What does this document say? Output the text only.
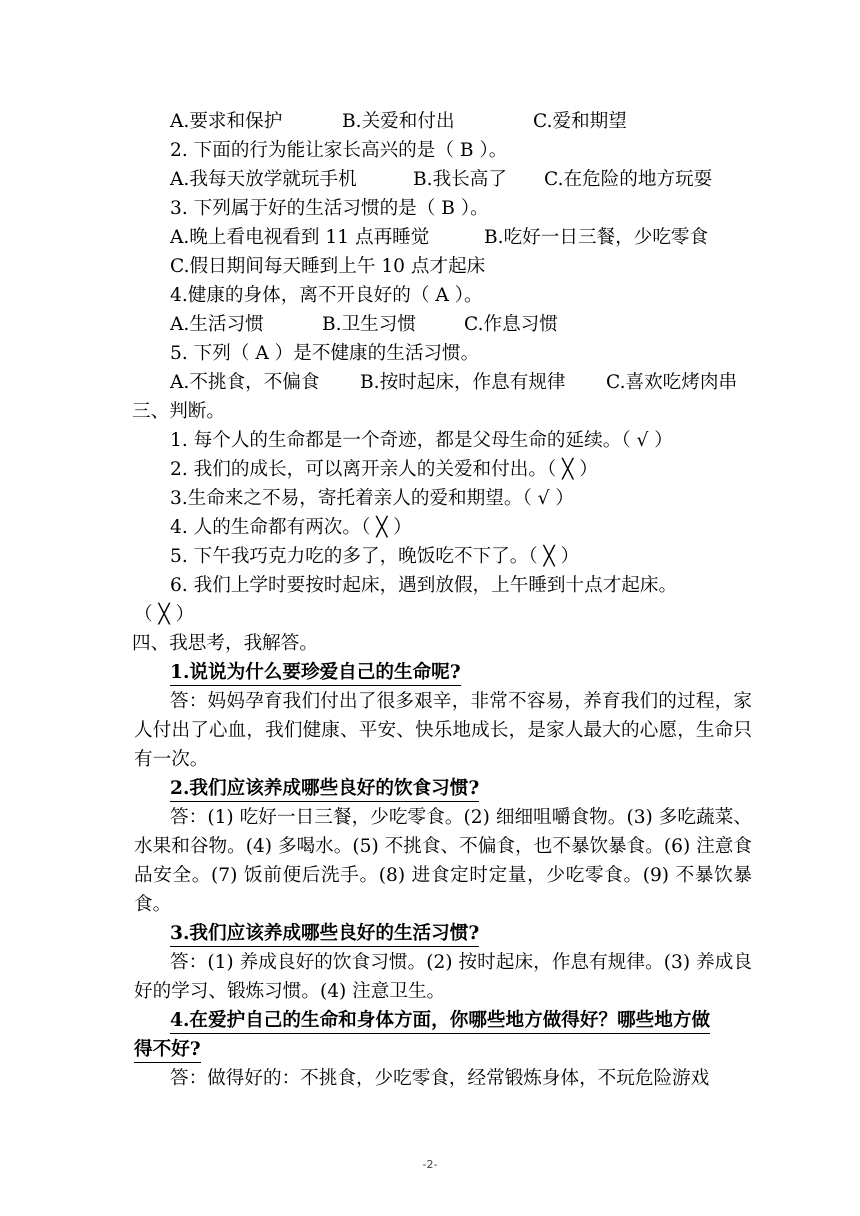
A.要求和保护	B.关爱和付出	C.爱和期望
2. 下面的行为能让家长高兴的是（ B ）。
A.我每天放学就玩手机	B.我长高了 C.在危险的地方玩耍
3. 下列属于好的生活习惯的是（ B ）。
A.晚上看电视看到 11 点再睡觉	B.吃好一日三餐，少吃零食
C.假日期间每天睡到上午 10 点才起床
4.健康的身体，离不开良好的（ A ）。
A.生活习惯	B.卫生习惯	C.作息习惯
5. 下列（ A ）是不健康的生活习惯。
A.不挑食，不偏食 B.按时起床，作息有规律 C.喜欢吃烤肉串
三、判断。
1. 每个人的生命都是一个奇迹，都是父母生命的延续。（ √ ）
2. 我们的成长，可以离开亲人的关爱和付出。（ ╳ ）
3.生命来之不易，寄托着亲人的爱和期望。（ √ ）
4. 人的生命都有两次。（ ╳ ）
5. 下午我巧克力吃的多了，晚饭吃不下了。（ ╳ ）
6. 我们上学时要按时起床，遇到放假，上午睡到十点才起床。
（ ╳ ）
四、我思考，我解答。
1.说说为什么要珍爱自己的生命呢?
答：妈妈孕育我们付出了很多艰辛，非常不容易，养育我们的过程，家人付出了心血，我们健康、平安、快乐地成长，是家人最大的心愿，生命只有一次。
2.我们应该养成哪些良好的饮食习惯?
答：(1) 吃好一日三餐，少吃零食。(2) 细细咀嚼食物。(3) 多吃蔬菜、水果和谷物。(4) 多喝水。(5) 不挑食、不偏食，也不暴饮暴食。(6) 注意食品安全。(7) 饭前便后洗手。(8) 进食定时定量，少吃零食。(9) 不暴饮暴食。
3.我们应该养成哪些良好的生活习惯?
答：(1) 养成良好的饮食习惯。(2) 按时起床，作息有规律。(3) 养成良好的学习、锻炼习惯。(4) 注意卫生。
4.在爱护自己的生命和身体方面，你哪些地方做得好？哪些地方做
得不好?
答：做得好的：不挑食，少吃零食，经常锻炼身体，不玩危险游戏
-2-
